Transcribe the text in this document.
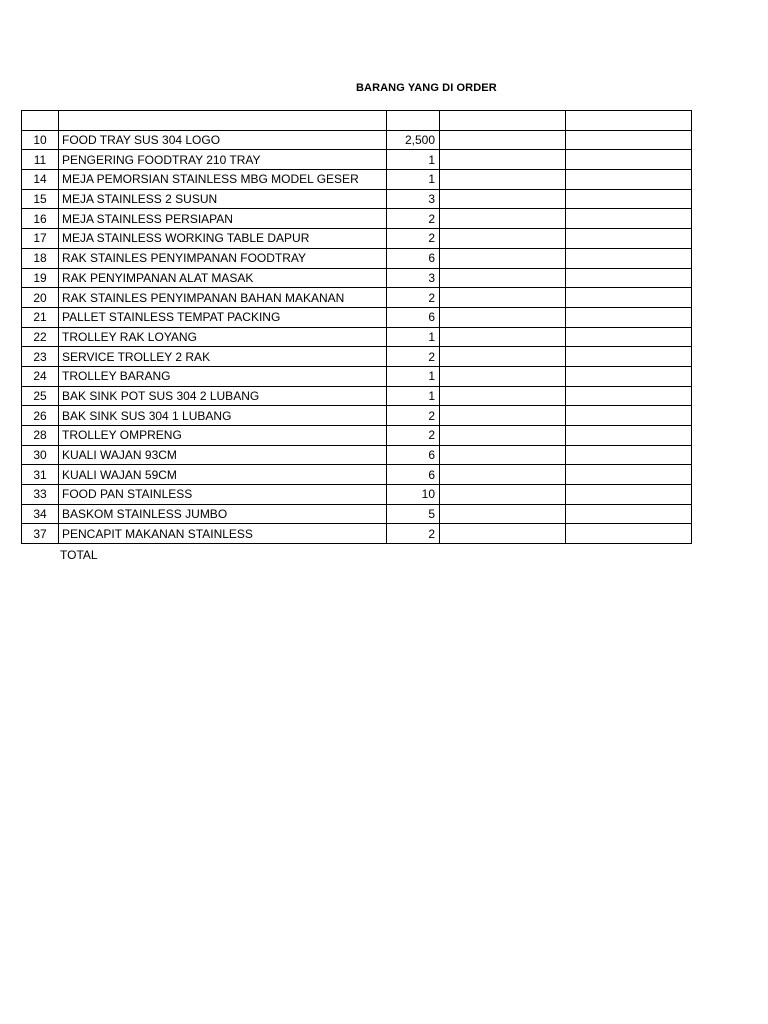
BARANG YANG DI ORDER

10	FOOD TRAY SUS 304 LOGO	2,500		
11	PENGERING FOODTRAY 210 TRAY	1		
14	MEJA PEMORSIAN STAINLESS MBG MODEL GESER	1		
15	MEJA STAINLESS 2 SUSUN	3		
16	MEJA STAINLESS PERSIAPAN	2		
17	MEJA STAINLESS WORKING TABLE DAPUR	2		
18	RAK STAINLES PENYIMPANAN FOODTRAY	6		
19	RAK PENYIMPANAN ALAT MASAK	3		
20	RAK STAINLES PENYIMPANAN BAHAN MAKANAN	2		
21	PALLET STAINLESS TEMPAT PACKING	6		
22	TROLLEY RAK LOYANG	1		
23	SERVICE TROLLEY 2 RAK	2		
24	TROLLEY BARANG	1		
25	BAK SINK POT SUS 304 2 LUBANG	1		
26	BAK SINK SUS 304 1 LUBANG	2		
28	TROLLEY OMPRENG	2		
30	KUALI WAJAN 93CM	6		
31	KUALI WAJAN 59CM	6		
33	FOOD PAN STAINLESS	10		
34	BASKOM STAINLESS JUMBO	5		
37	PENCAPIT MAKANAN STAINLESS	2		
TOTAL
